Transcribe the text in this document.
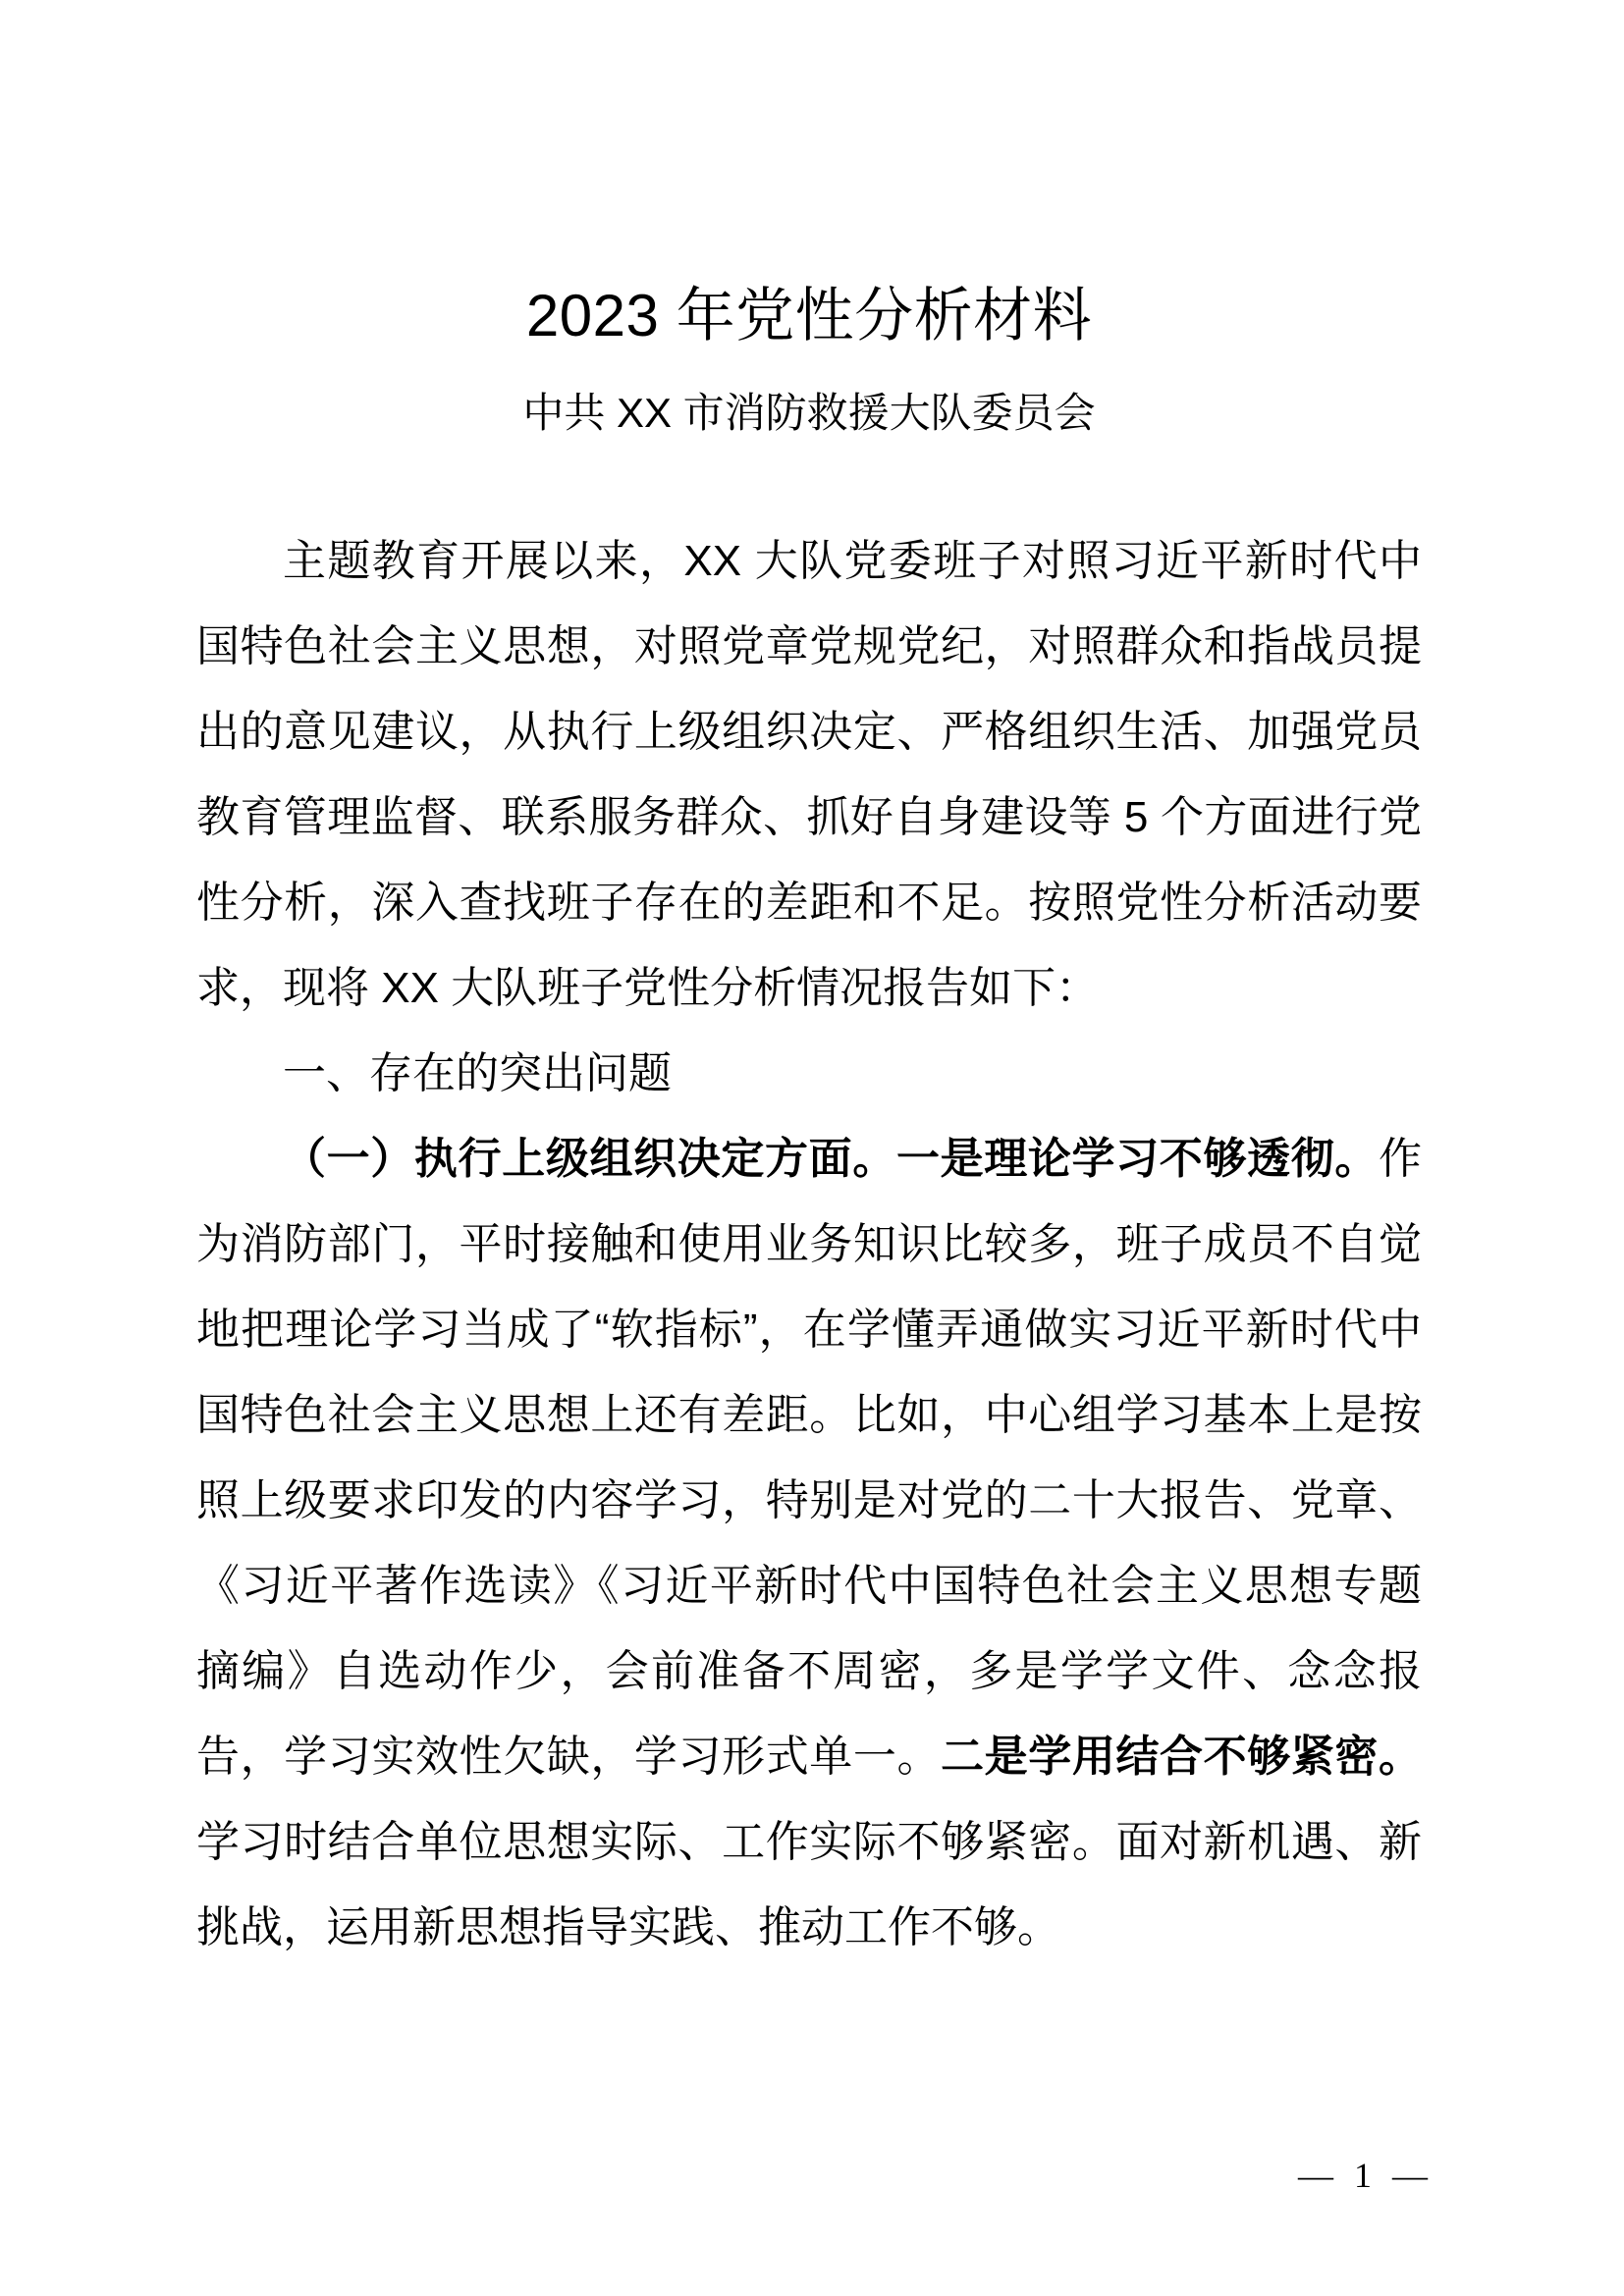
2023 年党性分析材料
中共 XX 市消防救援大队委员会

主题教育开展以来，XX 大队党委班子对照习近平新时代中国特色社会主义思想，对照党章党规党纪，对照群众和指战员提出的意见建议，从执行上级组织决定、严格组织生活、加强党员教育管理监督、联系服务群众、抓好自身建设等 5 个方面进行党性分析，深入查找班子存在的差距和不足。按照党性分析活动要求，现将 XX 大队班子党性分析情况报告如下：

一、存在的突出问题

（一）执行上级组织决定方面。一是理论学习不够透彻。作为消防部门，平时接触和使用业务知识比较多，班子成员不自觉地把理论学习当成了“软指标”，在学懂弄通做实习近平新时代中国特色社会主义思想上还有差距。比如，中心组学习基本上是按照上级要求印发的内容学习，特别是对党的二十大报告、党章、《习近平著作选读》《习近平新时代中国特色社会主义思想专题摘编》自选动作少，会前准备不周密，多是学学文件、念念报告，学习实效性欠缺，学习形式单一。二是学用结合不够紧密。学习时结合单位思想实际、工作实际不够紧密。面对新机遇、新挑战，运用新思想指导实践、推动工作不够。

— 1 —
